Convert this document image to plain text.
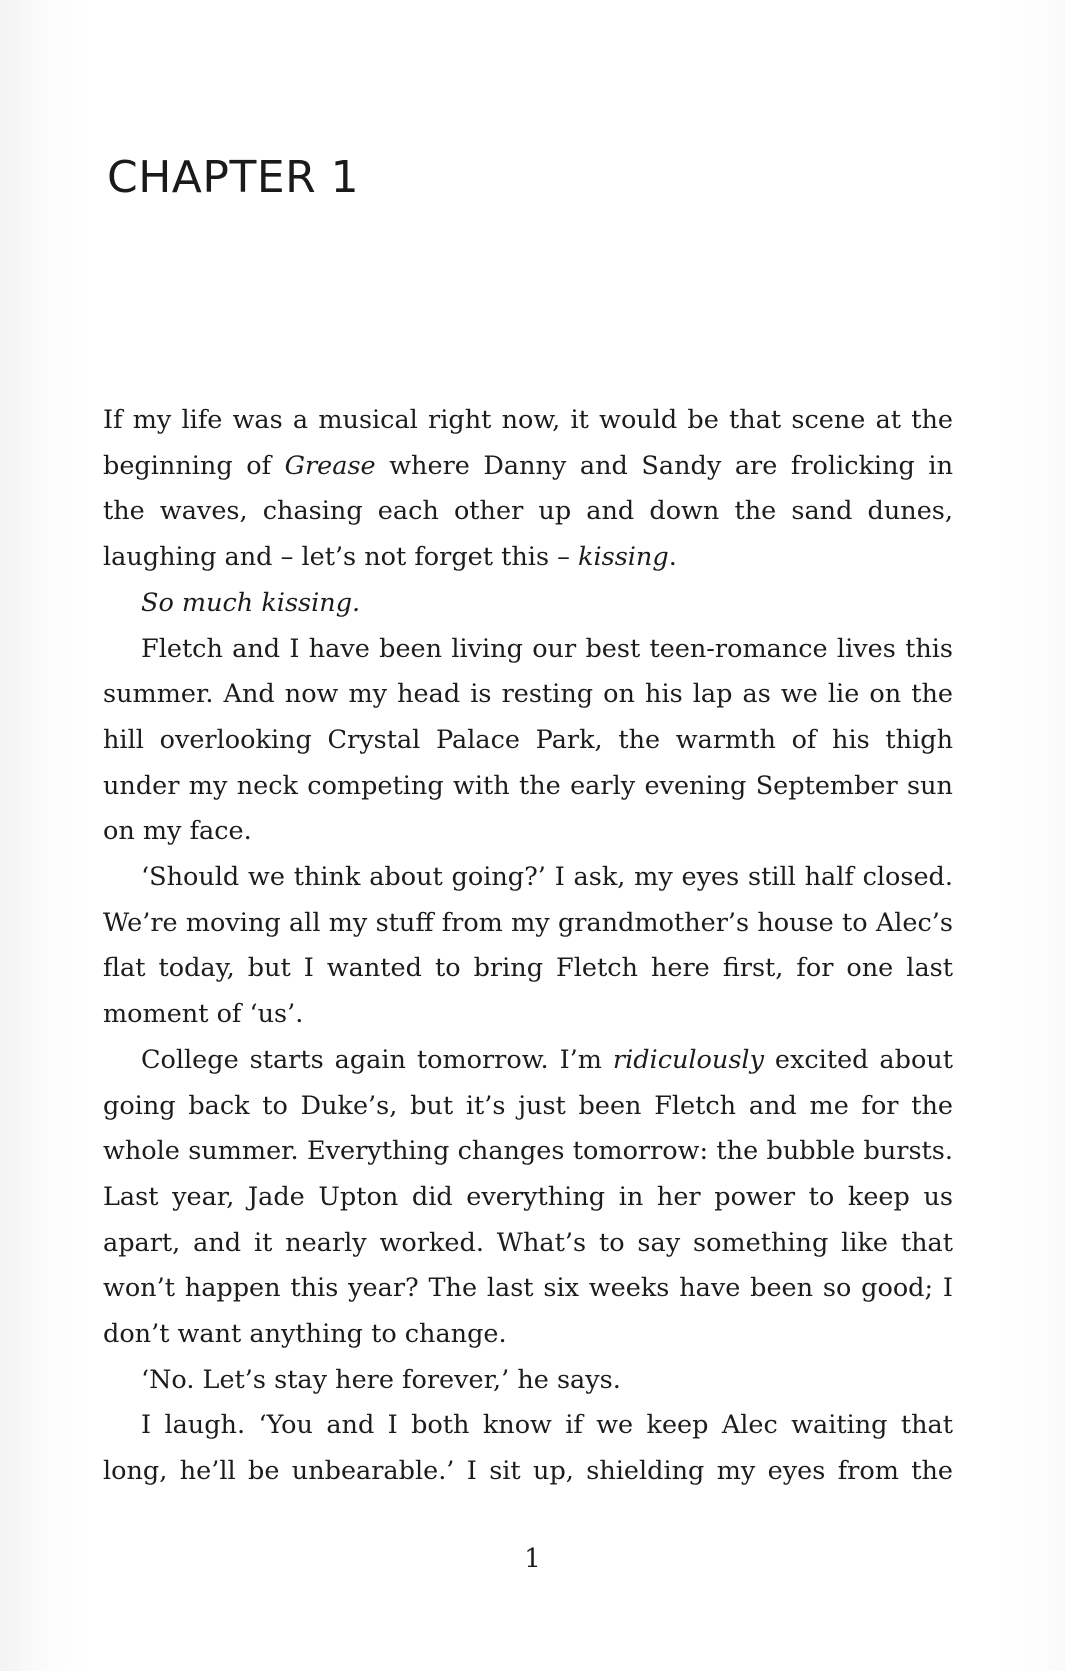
CHAPTER 1

If my life was a musical right now, it would be that scene at the beginning of Grease where Danny and Sandy are frolicking in the waves, chasing each other up and down the sand dunes, laughing and – let’s not forget this – kissing.

So much kissing.

Fletch and I have been living our best teen-romance lives this summer. And now my head is resting on his lap as we lie on the hill overlooking Crystal Palace Park, the warmth of his thigh under my neck competing with the early evening September sun on my face.

‘Should we think about going?’ I ask, my eyes still half closed. We’re moving all my stuff from my grandmother’s house to Alec’s flat today, but I wanted to bring Fletch here first, for one last moment of ‘us’.

College starts again tomorrow. I’m ridiculously excited about going back to Duke’s, but it’s just been Fletch and me for the whole summer. Everything changes tomorrow: the bubble bursts. Last year, Jade Upton did everything in her power to keep us apart, and it nearly worked. What’s to say something like that won’t happen this year? The last six weeks have been so good; I don’t want anything to change.

‘No. Let’s stay here forever,’ he says.

I laugh. ‘You and I both know if we keep Alec waiting that long, he’ll be unbearable.’ I sit up, shielding my eyes from the

1
